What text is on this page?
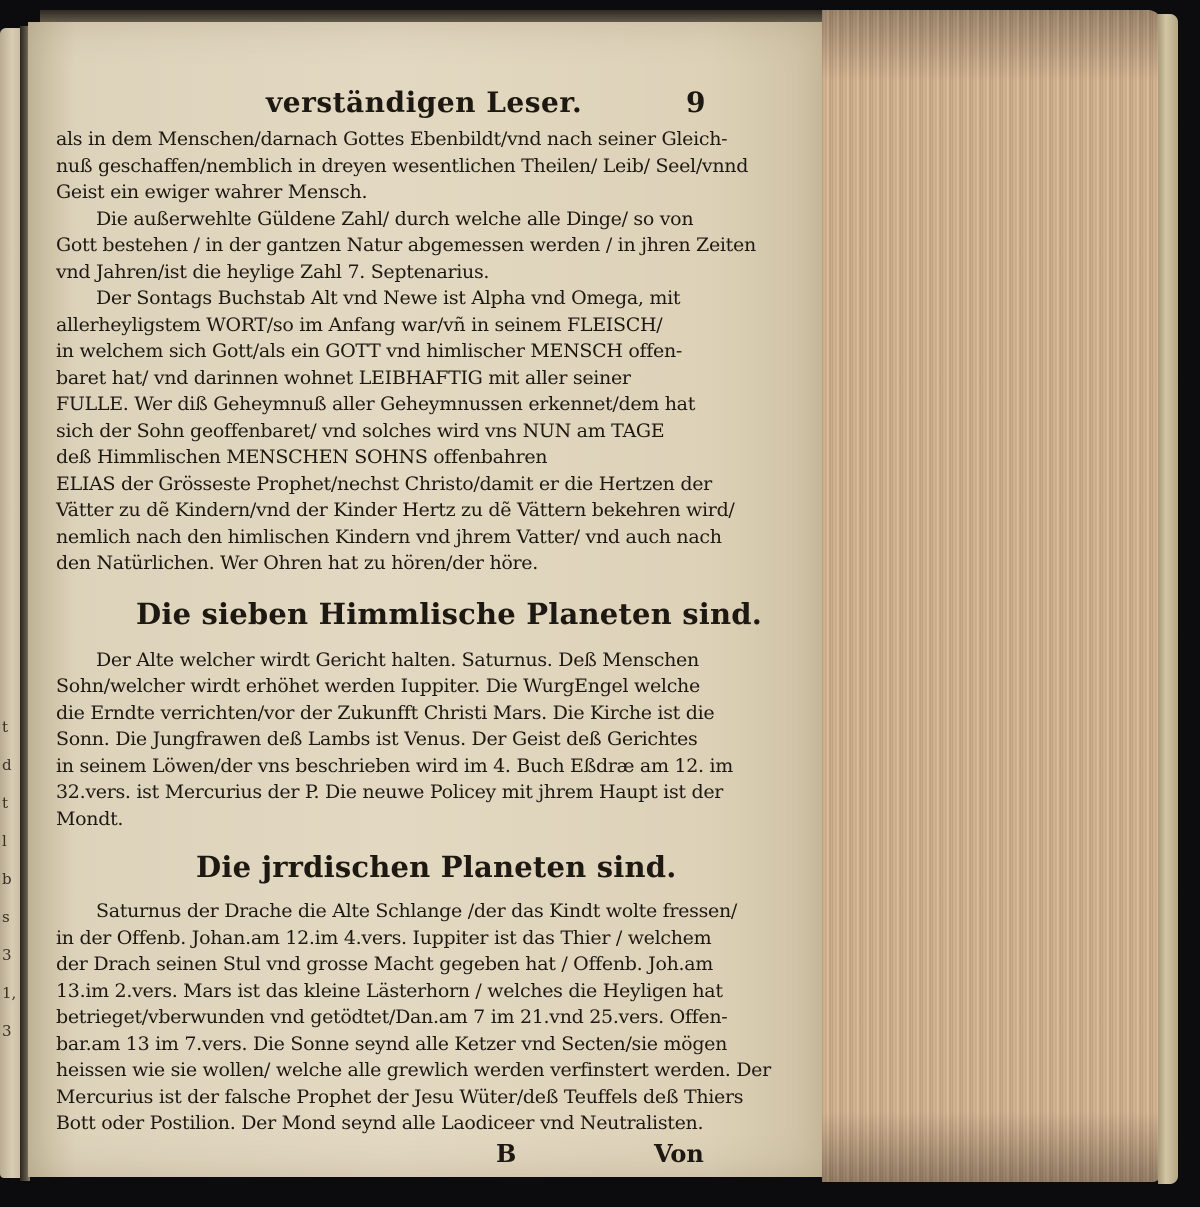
t
d
t
l
b
s
3
1,
3
verständigen Leser.	9
als in dem Menschen/darnach Gottes Ebenbildt/vnd nach seiner Gleich-
nuß geschaffen/nemblich in dreyen wesentlichen Theilen/ Leib/ Seel/vnnd
Geist ein ewiger wahrer Mensch.
Die außerwehlte Güldene Zahl/ durch welche alle Dinge/ so von
Gott bestehen / in der gantzen Natur abgemessen werden / in jhren Zeiten
vnd Jahren/ist die heylige Zahl 7. Septenarius.
Der Sontags Buchstab Alt vnd Newe ist Alpha vnd Omega, mit
allerheyligstem WORT/so im Anfang war/vñ in seinem FLEISCH/
in welchem sich Gott/als ein GOTT vnd himlischer MENSCH offen-
baret hat/ vnd darinnen wohnet LEIBHAFTIG mit aller seiner
FULLE. Wer diß Geheymnuß aller Geheymnussen erkennet/dem hat
sich der Sohn geoffenbaret/ vnd solches wird vns NUN am TAGE
deß Himmlischen MENSCHEN SOHNS offenbahren
ELIAS der Grösseste Prophet/nechst Christo/damit er die Hertzen der
Vätter zu dẽ Kindern/vnd der Kinder Hertz zu dẽ Vättern bekehren wird/
nemlich nach den himlischen Kindern vnd jhrem Vatter/ vnd auch nach
den Natürlichen. Wer Ohren hat zu hören/der höre.
Die sieben Himmlische Planeten sind.
Der Alte welcher wirdt Gericht halten. Saturnus. Deß Menschen
Sohn/welcher wirdt erhöhet werden Iuppiter. Die WurgEngel welche
die Erndte verrichten/vor der Zukunfft Christi Mars. Die Kirche ist die
Sonn. Die Jungfrawen deß Lambs ist Venus. Der Geist deß Gerichtes
in seinem Löwen/der vns beschrieben wird im 4. Buch Eßdræ am 12. im
32.vers. ist Mercurius der P. Die neuwe Policey mit jhrem Haupt ist der
Mondt.
Die jrrdischen Planeten sind.
Saturnus der Drache die Alte Schlange /der das Kindt wolte fressen/
in der Offenb. Johan.am 12.im 4.vers. Iuppiter ist das Thier / welchem
der Drach seinen Stul vnd grosse Macht gegeben hat / Offenb. Joh.am
13.im 2.vers. Mars ist das kleine Lästerhorn / welches die Heyligen hat
betrieget/vberwunden vnd getödtet/Dan.am 7 im 21.vnd 25.vers. Offen-
bar.am 13 im 7.vers. Die Sonne seynd alle Ketzer vnd Secten/sie mögen
heissen wie sie wollen/ welche alle grewlich werden verfinstert werden. Der
Mercurius ist der falsche Prophet der Jesu Wüter/deß Teuffels deß Thiers
Bott oder Postilion. Der Mond seynd alle Laodiceer vnd Neutralisten.
B	Von
